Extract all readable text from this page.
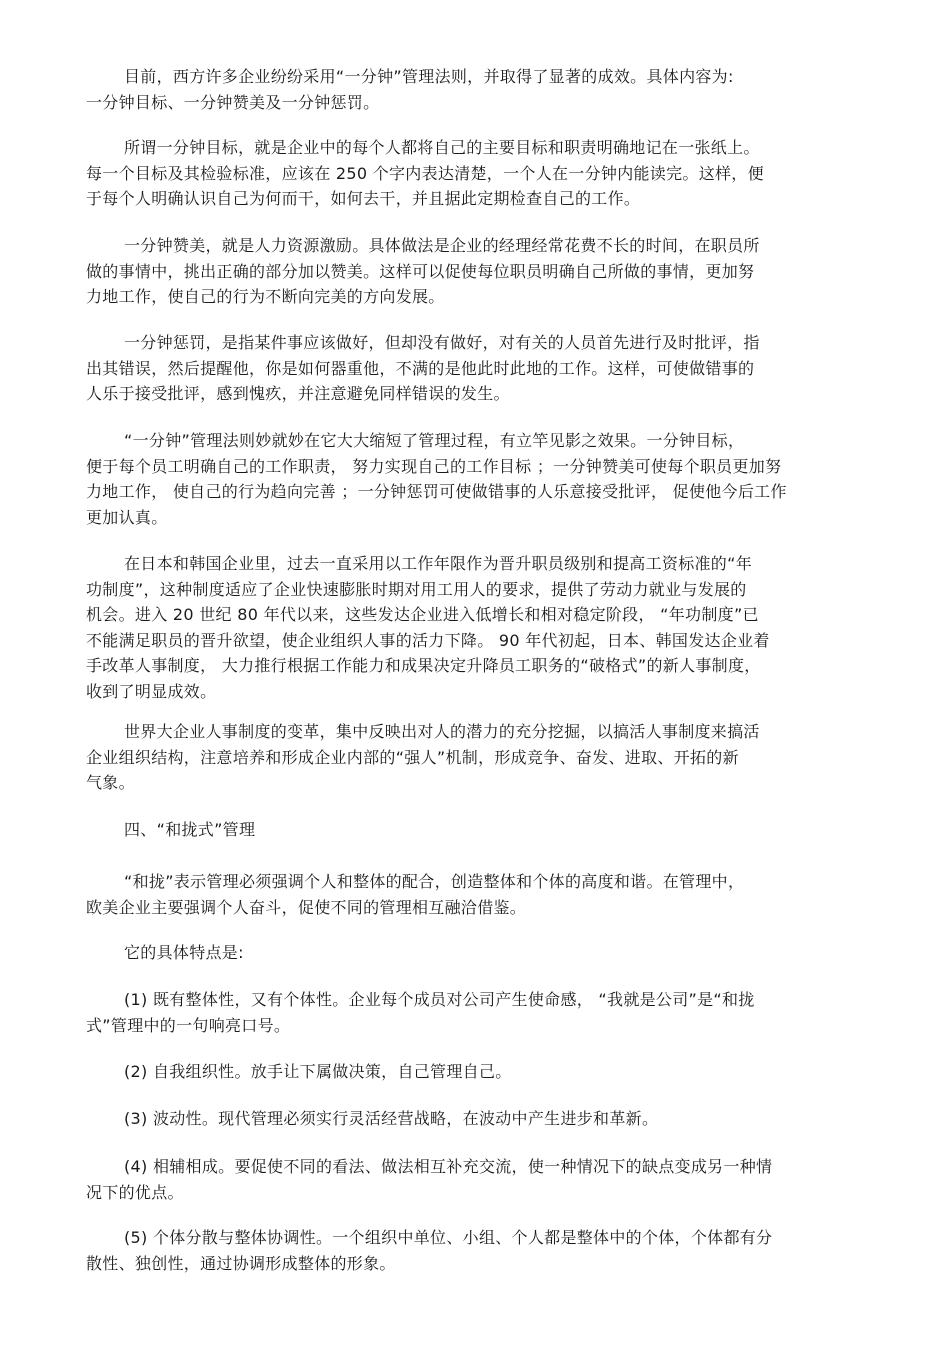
目前，西方许多企业纷纷采用“一分钟”管理法则，并取得了显著的成效。具体内容为:
一分钟目标、一分钟赞美及一分钟惩罚。
所谓一分钟目标，就是企业中的每个人都将自己的主要目标和职责明确地记在一张纸上。
每一个目标及其检验标准，应该在 250 个字内表达清楚，一个人在一分钟内能读完。这样，便
于每个人明确认识自己为何而干，如何去干，并且据此定期检查自己的工作。
一分钟赞美，就是人力资源激励。具体做法是企业的经理经常花费不长的时间，在职员所
做的事情中，挑出正确的部分加以赞美。这样可以促使每位职员明确自己所做的事情，更加努
力地工作，使自己的行为不断向完美的方向发展。
一分钟惩罚，是指某件事应该做好，但却没有做好，对有关的人员首先进行及时批评，指
出其错误，然后提醒他，你是如何器重他，不满的是他此时此地的工作。这样，可使做错事的
人乐于接受批评，感到愧疚，并注意避免同样错误的发生。
“一分钟”管理法则妙就妙在它大大缩短了管理过程，有立竿见影之效果。一分钟目标，
便于每个员工明确自己的工作职责， 努力实现自己的工作目标 ；一分钟赞美可使每个职员更加努
力地工作， 使自己的行为趋向完善 ；一分钟惩罚可使做错事的人乐意接受批评， 促使他今后工作
更加认真。
在日本和韩国企业里，过去一直采用以工作年限作为晋升职员级别和提高工资标准的“年
功制度”，这种制度适应了企业快速膨胀时期对用工用人的要求，提供了劳动力就业与发展的
机会。进入 20 世纪 80 年代以来，这些发达企业进入低增长和相对稳定阶段， “年功制度”已
不能满足职员的晋升欲望，使企业组织人事的活力下降。 90 年代初起，日本、韩国发达企业着
手改革人事制度， 大力推行根据工作能力和成果决定升降员工职务的“破格式”的新人事制度，
收到了明显成效。
世界大企业人事制度的变革，集中反映出对人的潜力的充分挖掘，以搞活人事制度来搞活
企业组织结构，注意培养和形成企业内部的“强人”机制，形成竞争、奋发、进取、开拓的新
气象。
四、“和拢式”管理
“和拢”表示管理必须强调个人和整体的配合，创造整体和个体的高度和谐。在管理中，
欧美企业主要强调个人奋斗，促使不同的管理相互融洽借鉴。
它的具体特点是:
(1) 既有整体性，又有个体性。企业每个成员对公司产生使命感， “我就是公司”是“和拢
式”管理中的一句响亮口号。
(2) 自我组织性。放手让下属做决策，自己管理自己。
(3) 波动性。现代管理必须实行灵活经营战略，在波动中产生进步和革新。
(4) 相辅相成。要促使不同的看法、做法相互补充交流，使一种情况下的缺点变成另一种情
况下的优点。
(5) 个体分散与整体协调性。一个组织中单位、小组、个人都是整体中的个体，个体都有分
散性、独创性，通过协调形成整体的形象。
